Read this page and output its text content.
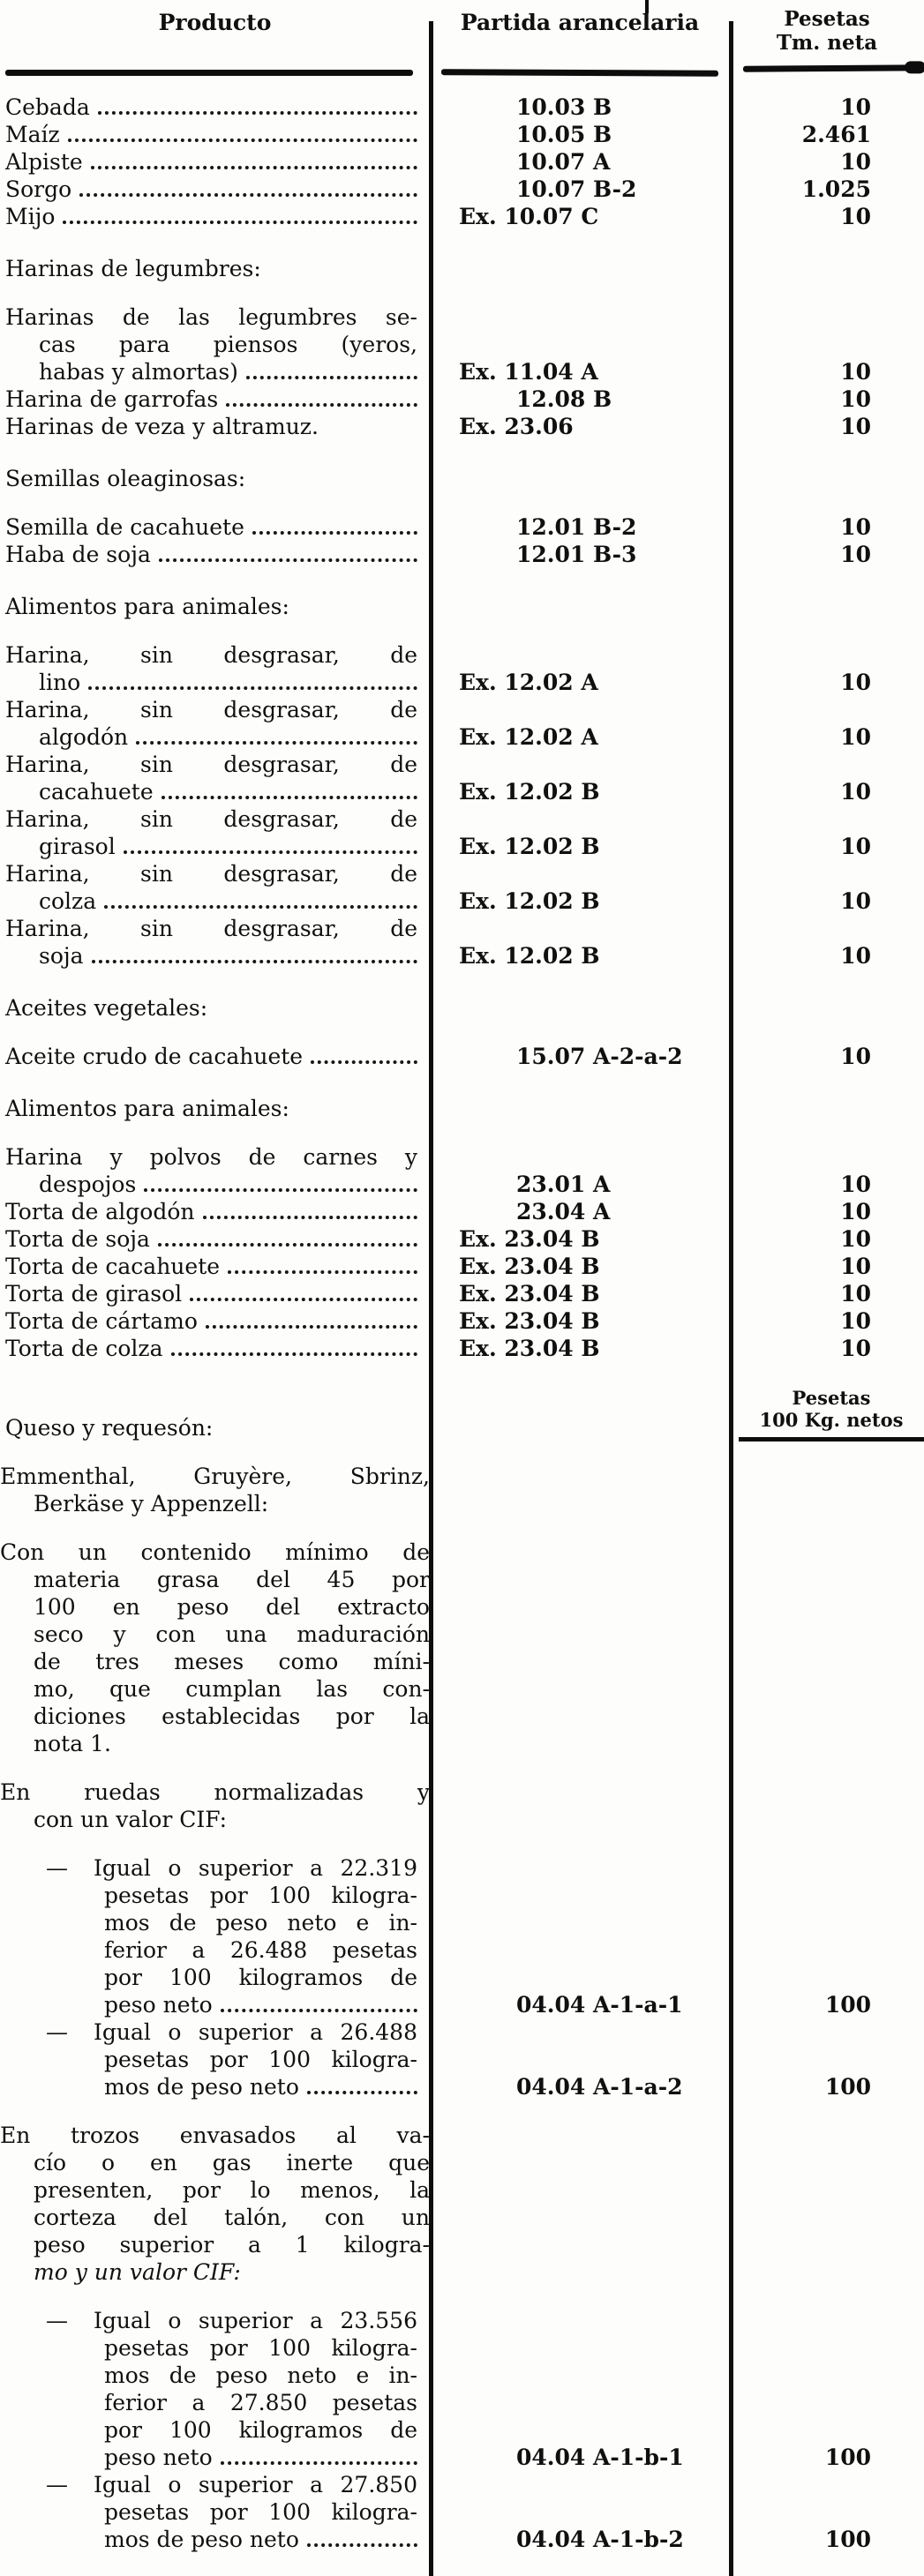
Producto	Partida arancelaria	Pesetas
Tm. neta
Cebada	10.03 B	10
Maíz	10.05 B	2.461
Alpiste	10.07 A	10
Sorgo	10.07 B-2	1.025
Mijo	Ex. 10.07 C	10
Harinas de legumbres:
Harinas de las legumbres se-
cas para piensos (yeros,
habas y almortas)	Ex. 11.04 A	10
Harina de garrofas	12.08 B	10
Harinas de veza y altramuz.	Ex. 23.06	10
Semillas oleaginosas:
Semilla de cacahuete	12.01 B-2	10
Haba de soja	12.01 B-3	10
Alimentos para animales:
Harina, sin desgrasar, de
lino	Ex. 12.02 A	10
Harina, sin desgrasar, de
algodón	Ex. 12.02 A	10
Harina, sin desgrasar, de
cacahuete	Ex. 12.02 B	10
Harina, sin desgrasar, de
girasol	Ex. 12.02 B	10
Harina, sin desgrasar, de
colza	Ex. 12.02 B	10
Harina, sin desgrasar, de
soja	Ex. 12.02 B	10
Aceites vegetales:
Aceite crudo de cacahuete	15.07 A-2-a-2	10
Alimentos para animales:
Harina y polvos de carnes y
despojos	23.01 A	10
Torta de algodón	23.04 A	10
Torta de soja	Ex. 23.04 B	10
Torta de cacahuete	Ex. 23.04 B	10
Torta de girasol	Ex. 23.04 B	10
Torta de cártamo	Ex. 23.04 B	10
Torta de colza	Ex. 23.04 B	10
Queso y requesón:
Pesetas
100 Kg. netos
Emmenthal, Gruyère, Sbrinz,
Berkäse y Appenzell:
Con un contenido mínimo de
materia grasa del 45 por
100 en peso del extracto
seco y con una maduración
de tres meses como míni-
mo, que cumplan las con-
diciones establecidas por la
nota 1.
En ruedas normalizadas y
con un valor CIF:
— Igual o superior a 22.319
pesetas por 100 kilogra-
mos de peso neto e in-
ferior a 26.488 pesetas
por 100 kilogramos de
peso neto	04.04 A-1-a-1	100
— Igual o superior a 26.488
pesetas por 100 kilogra-
mos de peso neto	04.04 A-1-a-2	100
En trozos envasados al va-
cío o en gas inerte que
presenten, por lo menos, la
corteza del talón, con un
peso superior a 1 kilogra-
mo y un valor CIF:
— Igual o superior a 23.556
pesetas por 100 kilogra-
mos de peso neto e in-
ferior a 27.850 pesetas
por 100 kilogramos de
peso neto	04.04 A-1-b-1	100
— Igual o superior a 27.850
pesetas por 100 kilogra-
mos de peso neto	04.04 A-1-b-2	100
